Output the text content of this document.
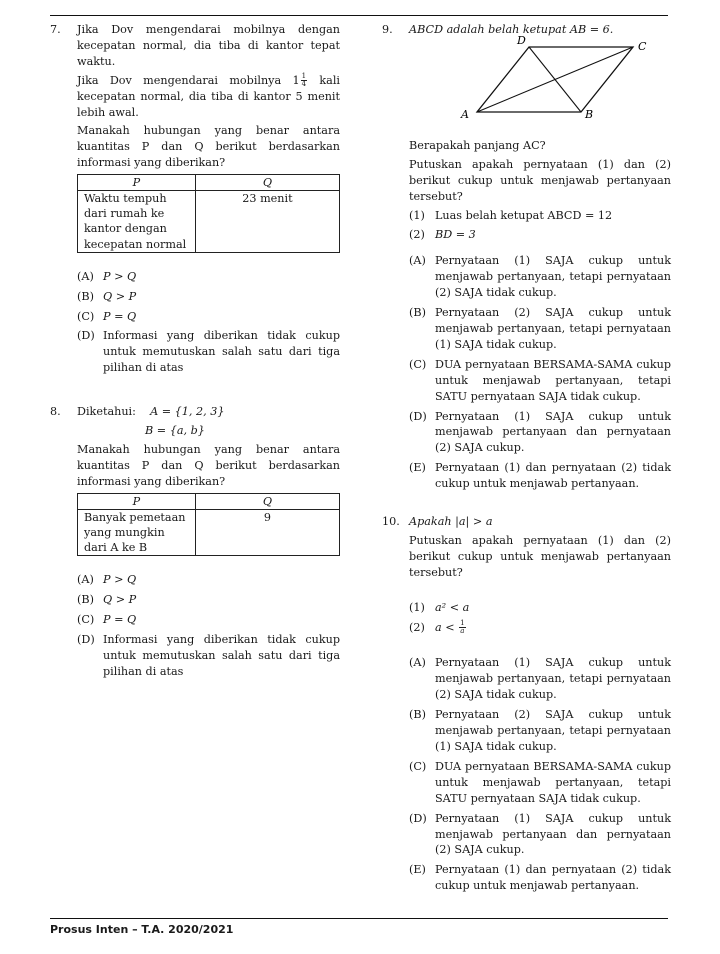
7. Jika Dov mengendarai mobilnya dengan kecepatan normal, dia tiba di kantor tepat waktu.

Jika Dov mengendarai mobilnya $1 \frac{1}{4}$ kali kecepatan normal, dia tiba di kantor 5 menit lebih awal.

Manakah hubungan yang benar antara kuantitas P dan Q berikut berdasarkan informasi yang diberikan?

P	Q
Waktu tempuh dari rumah ke kantor dengan kecepatan normal	23 menit
(A) P > Q
(B) Q > P
(C) P = Q
(D) Informasi yang diberikan tidak cukup untuk memutuskan salah satu dari tiga pilihan di atas
8. Diketahui: A = {1, 2, 3}

B = {a, b}

Manakah hubungan yang benar antara kuantitas P dan Q berikut berdasarkan informasi yang diberikan?

P	Q
Banyak pemetaan yang mungkin dari A ke B	9
(A) P > Q
(B) Q > P
(C) P = Q
(D) Informasi yang diberikan tidak cukup untuk memutuskan salah satu dari tiga pilihan di atas
9. ABCD adalah belah ketupat AB = 6.

D	C
A	B

Berapakah panjang AC?

Putuskan apakah pernyataan (1) dan (2) berikut cukup untuk menjawab pertanyaan tersebut?

(1) Luas belah ketupat ABCD = 12
(2) BD = 3
(A) Pernyataan (1) SAJA cukup untuk menjawab pertanyaan, tetapi pernyataan (2) SAJA tidak cukup.
(B) Pernyataan (2) SAJA cukup untuk menjawab pertanyaan, tetapi pernyataan (1) SAJA tidak cukup.
(C) DUA pernyataan BERSAMA-SAMA cukup untuk menjawab pertanyaan, tetapi SATU pernyataan SAJA tidak cukup.
(D) Pernyataan (1) SAJA cukup untuk menjawab pertanyaan dan pernyataan (2) SAJA cukup.
(E) Pernyataan (1) dan pernyataan (2) tidak cukup untuk menjawab pertanyaan.
10. Apakah |a| > a

Putuskan apakah pernyataan (1) dan (2) berikut cukup untuk menjawab pertanyaan tersebut?

(1) a² < a
(2) $a < \frac{1}{a}$
(A) Pernyataan (1) SAJA cukup untuk menjawab pertanyaan, tetapi pernyataan (2) SAJA tidak cukup.
(B) Pernyataan (2) SAJA cukup untuk menjawab pertanyaan, tetapi pernyataan (1) SAJA tidak cukup.
(C) DUA pernyataan BERSAMA-SAMA cukup untuk menjawab pertanyaan, tetapi SATU pernyataan SAJA tidak cukup.
(D) Pernyataan (1) SAJA cukup untuk menjawab pertanyaan dan pernyataan (2) SAJA cukup.
(E) Pernyataan (1) dan pernyataan (2) tidak cukup untuk menjawab pertanyaan.
Prosus Inten – T.A. 2020/2021
